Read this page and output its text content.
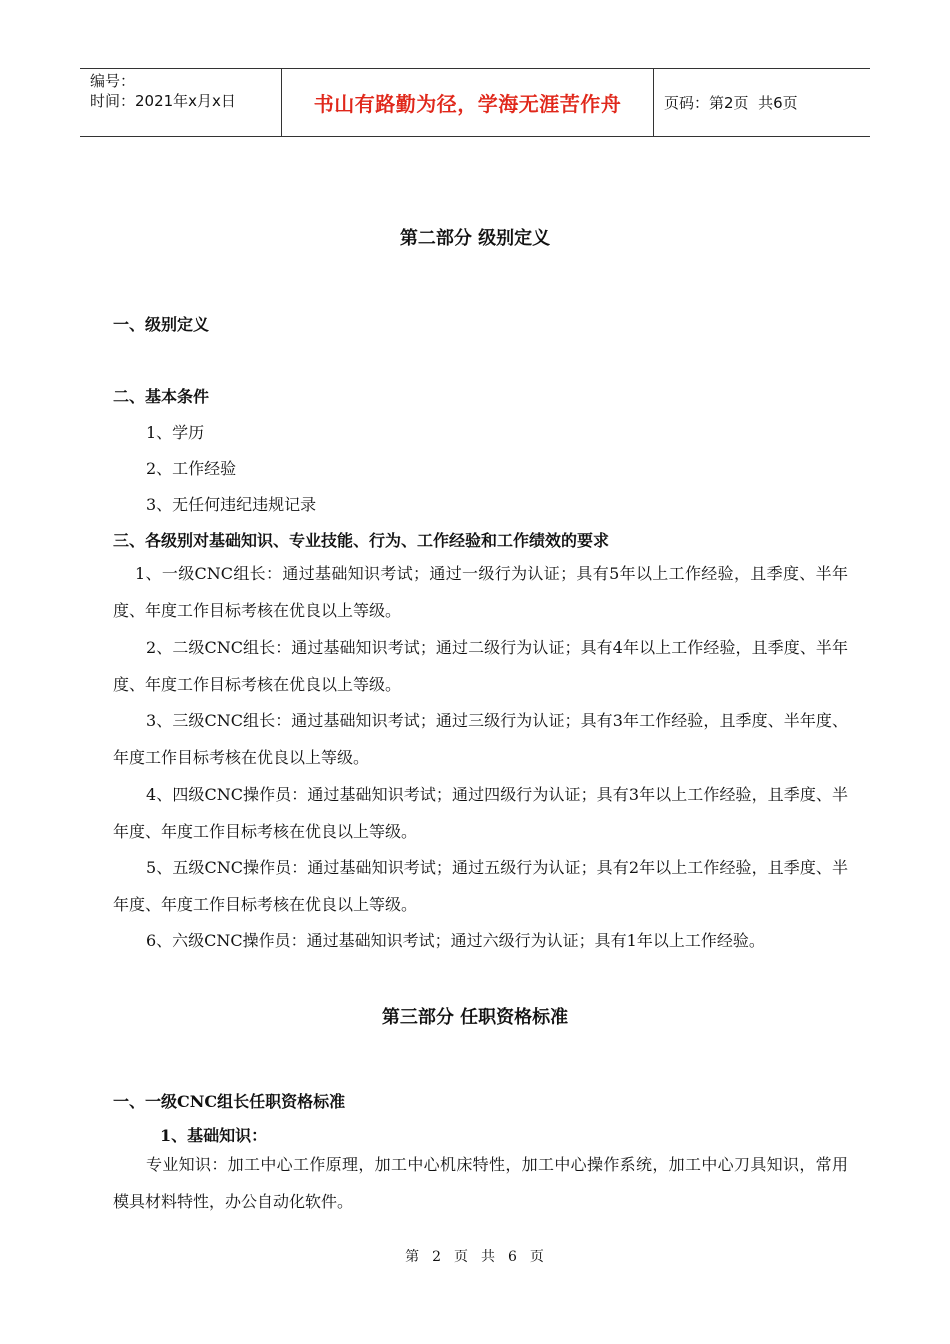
编号：
时间：2021年x月x日	书山有路勤为径，学海无涯苦作舟	页码：第2页  共6页
第二部分 级别定义
一、级别定义
二、基本条件
1、学历
2、工作经验
3、无任何违纪违规记录
三、各级别对基础知识、专业技能、行为、工作经验和工作绩效的要求
1、一级CNC组长：通过基础知识考试；通过一级行为认证；具有5年以上工作经验，且季度、半年度、年度工作目标考核在优良以上等级。
2、二级CNC组长：通过基础知识考试；通过二级行为认证；具有4年以上工作经验，且季度、半年度、年度工作目标考核在优良以上等级。
3、三级CNC组长：通过基础知识考试；通过三级行为认证；具有3年工作经验，且季度、半年度、年度工作目标考核在优良以上等级。
4、四级CNC操作员：通过基础知识考试；通过四级行为认证；具有3年以上工作经验，且季度、半年度、年度工作目标考核在优良以上等级。
5、五级CNC操作员：通过基础知识考试；通过五级行为认证；具有2年以上工作经验，且季度、半年度、年度工作目标考核在优良以上等级。
6、六级CNC操作员：通过基础知识考试；通过六级行为认证；具有1年以上工作经验。
第三部分 任职资格标准
一、一级CNC组长任职资格标准
1、基础知识：
专业知识：加工中心工作原理，加工中心机床特性，加工中心操作系统，加工中心刀具知识，常用模具材料特性，办公自动化软件。
第 2 页 共 6 页
